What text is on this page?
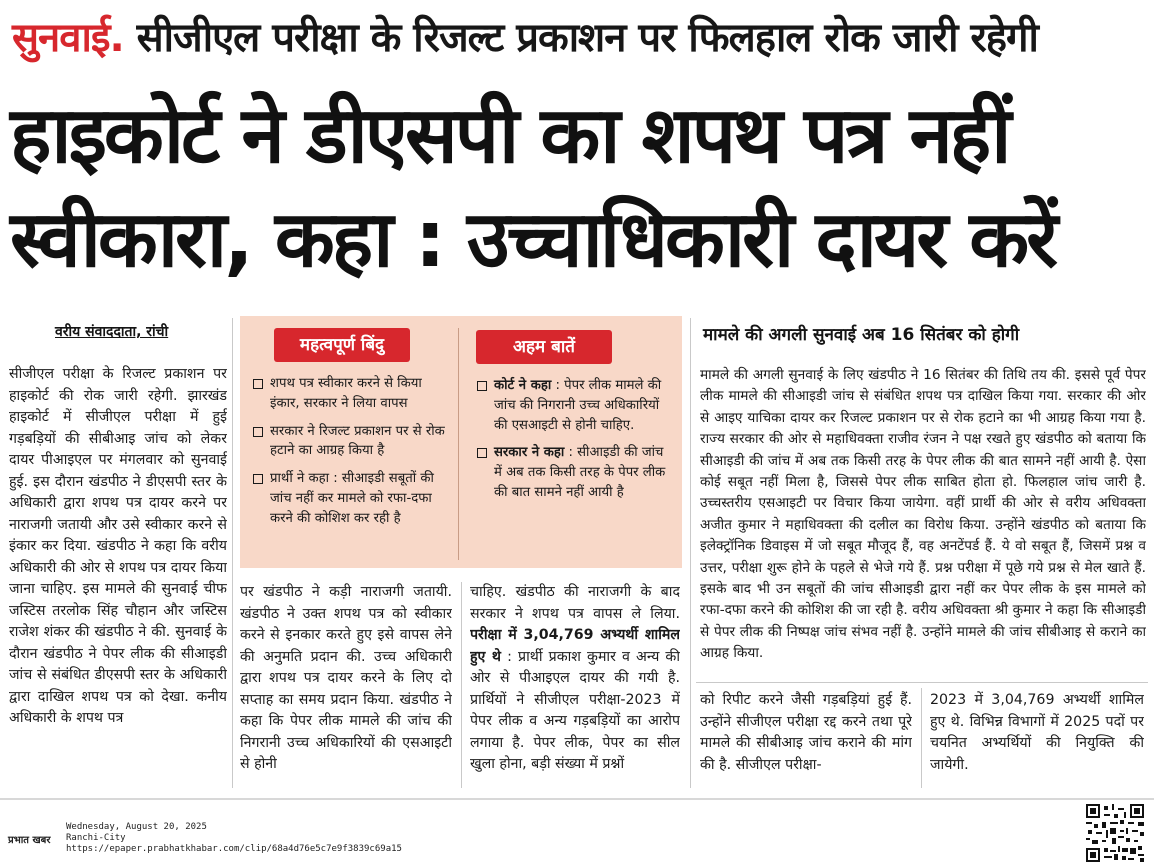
सुनवाई. सीजीएल परीक्षा के रिजल्ट प्रकाशन पर फिलहाल रोक जारी रहेगी
हाइकोर्ट ने डीएसपी का शपथ पत्र नहीं
स्वीकारा, कहा : उच्चाधिकारी दायर करें
वरीय संवाददाता, रांची

सीजीएल परीक्षा के रिजल्ट प्रकाशन पर हाइकोर्ट की रोक जारी रहेगी. झारखंड हाइकोर्ट में सीजीएल परीक्षा में हुई गड़बड़ियों की सीबीआइ जांच को लेकर दायर पीआइएल पर मंगलवार को सुनवाई हुई. इस दौरान खंडपीठ ने डीएसपी स्तर के अधिकारी द्वारा शपथ पत्र दायर करने पर नाराजगी जतायी और उसे स्वीकार करने से इंकार कर दिया. खंडपीठ ने कहा कि वरीय अधिकारी की ओर से शपथ पत्र दायर किया जाना चाहिए. इस मामले की सुनवाई चीफ जस्टिस तरलोक सिंह चौहान और जस्टिस राजेश शंकर की खंडपीठ ने की. सुनवाई के दौरान खंडपीठ ने पेपर लीक की सीआइडी जांच से संबंधित डीएसपी स्तर के अधिकारी द्वारा दाखिल शपथ पत्र को देखा. कनीय अधिकारी के शपथ पत्र

महत्वपूर्ण बिंदु	अहम बातें
शपथ पत्र स्वीकार करने से किया इंकार, सरकार ने लिया वापस
सरकार ने रिजल्ट प्रकाशन पर से रोक हटाने का आग्रह किया है
प्रार्थी ने कहा : सीआइडी सबूतों की जांच नहीं कर मामले को रफा-दफा करने की कोशिश कर रही है
कोर्ट ने कहा : पेपर लीक मामले की जांच की निगरानी उच्च अधिकारियों की एसआइटी से होनी चाहिए.
सरकार ने कहा : सीआइडी की जांच में अब तक किसी तरह के पेपर लीक की बात सामने नहीं आयी है

पर खंडपीठ ने कड़ी नाराजगी जतायी. खंडपीठ ने उक्त शपथ पत्र को स्वीकार करने से इनकार करते हुए इसे वापस लेने की अनुमति प्रदान की. उच्च अधिकारी द्वारा शपथ पत्र दायर करने के लिए दो सप्ताह का समय प्रदान किया. खंडपीठ ने कहा कि पेपर लीक मामले की जांच की निगरानी उच्च अधिकारियों की एसआइटी से होनी

चाहिए. खंडपीठ की नाराजगी के बाद सरकार ने शपथ पत्र वापस ले लिया. परीक्षा में 3,04,769 अभ्यर्थी शामिल हुए थे : प्रार्थी प्रकाश कुमार व अन्य की ओर से पीआइएल दायर की गयी है. प्रार्थियों ने सीजीएल परीक्षा-2023 में पेपर लीक व अन्य गड़बड़ियों का आरोप लगाया है. पेपर लीक, पेपर का सील खुला होना, बड़ी संख्या में प्रश्नों

मामले की अगली सुनवाई अब 16 सितंबर को होगी

मामले की अगली सुनवाई के लिए खंडपीठ ने 16 सितंबर की तिथि तय की. इससे पूर्व पेपर लीक मामले की सीआइडी जांच से संबंधित शपथ पत्र दाखिल किया गया. सरकार की ओर से आइए याचिका दायर कर रिजल्ट प्रकाशन पर से रोक हटाने का भी आग्रह किया गया है. राज्य सरकार की ओर से महाधिवक्ता राजीव रंजन ने पक्ष रखते हुए खंडपीठ को बताया कि सीआइडी की जांच में अब तक किसी तरह के पेपर लीक की बात सामने नहीं आयी है. ऐसा कोई सबूत नहीं मिला है, जिससे पेपर लीक साबित होता हो. फिलहाल जांच जारी है. उच्चस्तरीय एसआइटी पर विचार किया जायेगा. वहीं प्रार्थी की ओर से वरीय अधिवक्ता अजीत कुमार ने महाधिवक्ता की दलील का विरोध किया. उन्होंने खंडपीठ को बताया कि इलेक्ट्रॉनिक डिवाइस में जो सबूत मौजूद हैं, वह अनटेंपर्ड हैं. ये वो सबूत हैं, जिसमें प्रश्न व उत्तर, परीक्षा शुरू होने के पहले से भेजे गये हैं. प्रश्न परीक्षा में पूछे गये प्रश्न से मेल खाते हैं. इसके बाद भी उन सबूतों की जांच सीआइडी द्वारा नहीं कर पेपर लीक के इस मामले को रफा-दफा करने की कोशिश की जा रही है. वरीय अधिवक्ता श्री कुमार ने कहा कि सीआइडी से पेपर लीक की निष्पक्ष जांच संभव नहीं है. उन्होंने मामले की जांच सीबीआइ से कराने का आग्रह किया.

को रिपीट करने जैसी गड़बड़ियां हुई हैं. उन्होंने सीजीएल परीक्षा रद्द करने तथा पूरे मामले की सीबीआइ जांच कराने की मांग की है. सीजीएल परीक्षा-

2023 में 3,04,769 अभ्यर्थी शामिल हुए थे. विभिन्न विभागों में 2025 पदों पर चयनित अभ्यर्थियों की नियुक्ति की जायेगी.

प्रभात खबर
Wednesday, August 20, 2025
Ranchi-City
https://epaper.prabhatkhabar.com/clip/68a4d76e5c7e9f3839c69a15
